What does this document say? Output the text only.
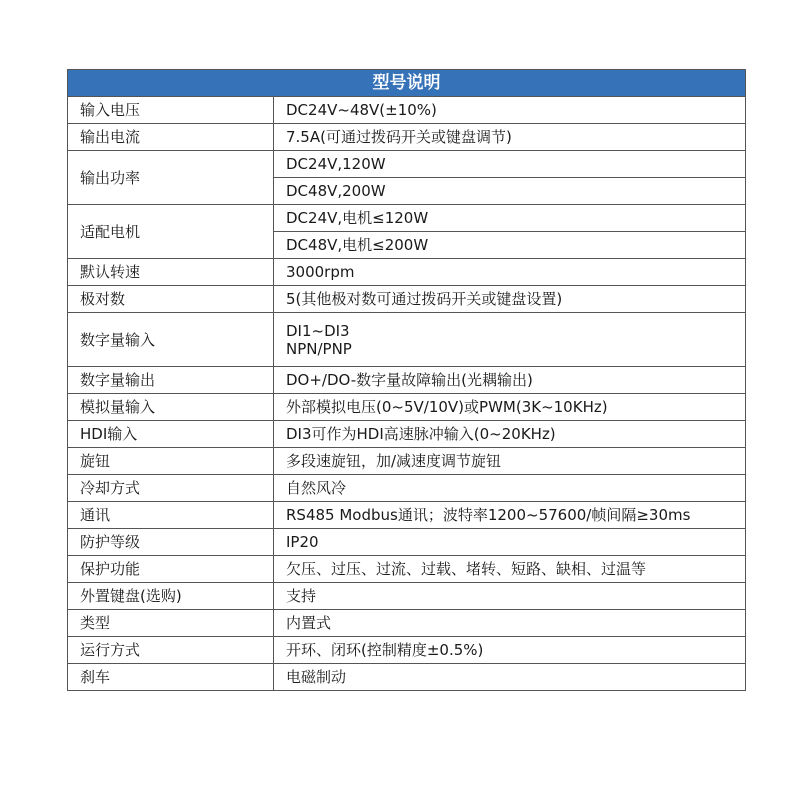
型号说明	
输入电压	DC24V~48V(±10%)
输出电流	7.5A(可通过拨码开关或键盘调节)
输出功率	DC24V,120W
	DC48V,200W
适配电机	DC24V,电机≤120W
	DC48V,电机≤200W
默认转速	3000rpm
极对数	5(其他极对数可通过拨码开关或键盘设置)
数字量输入	DI1~DI3
NPN/PNP

数字量输出	DO+/DO-数字量故障输出(光耦输出)
模拟量输入	外部模拟电压(0~5V/10V)或PWM(3K~10KHz)
HDI输入	DI3可作为HDI高速脉冲输入(0~20KHz)
旋钮	多段速旋钮，加/减速度调节旋钮
冷却方式	自然风冷
通讯	RS485 Modbus通讯；波特率1200~57600/帧间隔≥30ms
防护等级	IP20
保护功能	欠压、过压、过流、过载、堵转、短路、缺相、过温等
外置键盘(选购)	支持
类型	内置式
运行方式	开环、闭环(控制精度±0.5%)
刹车	电磁制动
